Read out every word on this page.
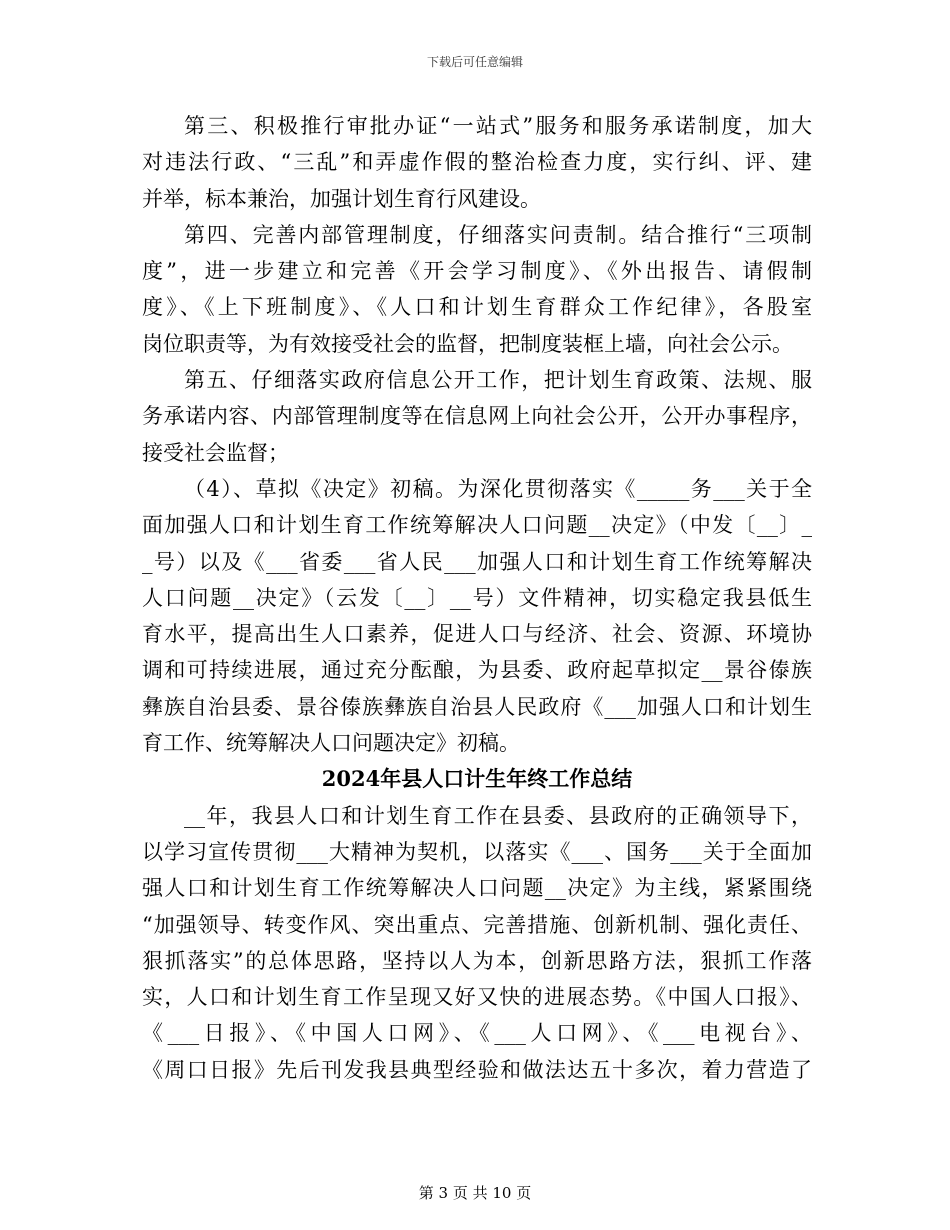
下载后可任意编辑
第三、积极推行审批办证“一站式”服务和服务承诺制度，加大
对违法行政、“三乱”和弄虚作假的整治检查力度，实行纠、评、建
并举，标本兼治，加强计划生育行风建设。
第四、完善内部管理制度，仔细落实问责制。结合推行“三项制
度”，进一步建立和完善《开会学习制度》、《外出报告、请假制
度》、《上下班制度》、《人口和计划生育群众工作纪律》，各股室
岗位职责等，为有效接受社会的监督，把制度装框上墙，向社会公示。
第五、仔细落实政府信息公开工作，把计划生育政策、法规、服
务承诺内容、内部管理制度等在信息网上向社会公开，公开办事程序，
接受社会监督；
（4）、草拟《决定》初稿。为深化贯彻落实《_____务___关于全
面加强人口和计划生育工作统筹解决人口问题__决定》（中发〔__〕_
_号）以及《___省委___省人民___加强人口和计划生育工作统筹解决
人口问题__决定》（云发〔__〕__号）文件精神，切实稳定我县低生
育水平，提高出生人口素养，促进人口与经济、社会、资源、环境协
调和可持续进展，通过充分酝酿，为县委、政府起草拟定__景谷傣族
彝族自治县委、景谷傣族彝族自治县人民政府《___加强人口和计划生
育工作、统筹解决人口问题决定》初稿。
2024年县人口计生年终工作总结
__年，我县人口和计划生育工作在县委、县政府的正确领导下，
以学习宣传贯彻___大精神为契机，以落实《___、国务___关于全面加
强人口和计划生育工作统筹解决人口问题__决定》为主线，紧紧围绕
“加强领导、转变作风、突出重点、完善措施、创新机制、强化责任、
狠抓落实”的总体思路，坚持以人为本，创新思路方法，狠抓工作落
实，人口和计划生育工作呈现又好又快的进展态势。《中国人口报》、
《___日报》、《中国人口网》、《___人口网》、《___电视台》、
《周口日报》先后刊发我县典型经验和做法达五十多次，着力营造了
第 3 页 共 10 页
